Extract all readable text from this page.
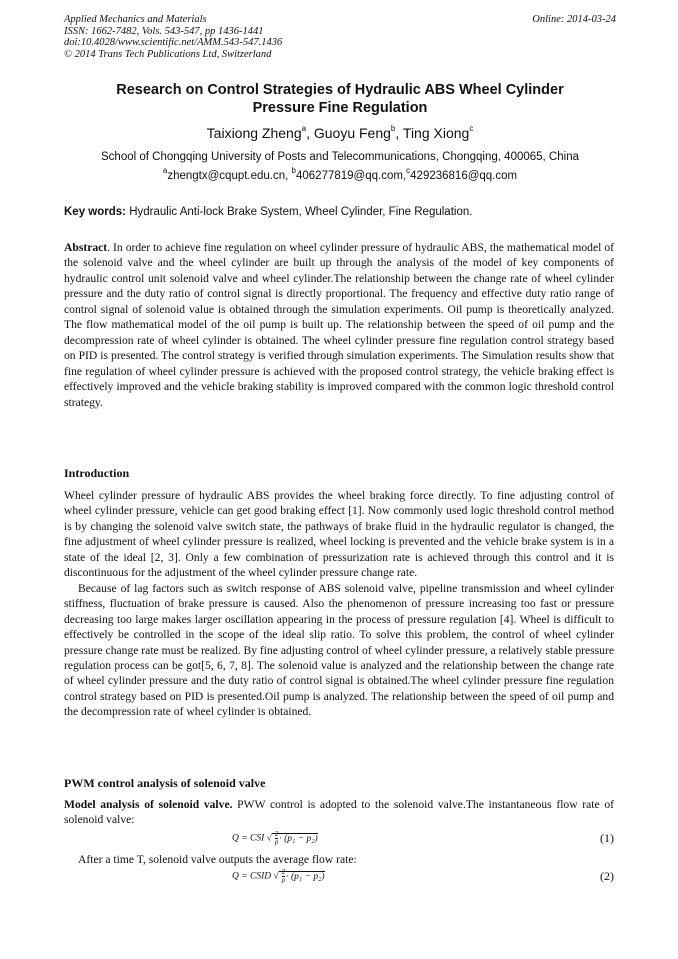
Applied Mechanics and Materials
ISSN: 1662-7482, Vols. 543-547, pp 1436-1441
doi:10.4028/www.scientific.net/AMM.543-547.1436
© 2014 Trans Tech Publications Ltd, Switzerland
Online: 2014-03-24
Research on Control Strategies of Hydraulic ABS Wheel Cylinder
Pressure Fine Regulation
Taixiong Zheng$^a$, Guoyu Feng$^b$, Ting Xiong$^c$
School of Chongqing University of Posts and Telecommunications, Chongqing, 400065, China
$^a$zhengtx@cqupt.edu.cn, $^b$406277819@qq.com,$^c$429236816@qq.com
Key words: Hydraulic Anti-lock Brake System, Wheel Cylinder, Fine Regulation.
Abstract. In order to achieve fine regulation on wheel cylinder pressure of hydraulic ABS, the mathematical model of the solenoid valve and the wheel cylinder are built up through the analysis of the model of key components of hydraulic control unit solenoid valve and wheel cylinder.The relationship between the change rate of wheel cylinder pressure and the duty ratio of control signal is directly proportional. The frequency and effective duty ratio range of control signal of solenoid value is obtained through the simulation experiments. Oil pump is theoretically analyzed. The flow mathematical model of the oil pump is built up. The relationship between the speed of oil pump and the decompression rate of wheel cylinder is obtained. The wheel cylinder pressure fine regulation control strategy based on PID is presented. The control strategy is verified through simulation experiments. The Simulation results show that fine regulation of wheel cylinder pressure is achieved with the proposed control strategy, the vehicle braking effect is effectively improved and the vehicle braking stability is improved compared with the common logic threshold control strategy.
Introduction
Wheel cylinder pressure of hydraulic ABS provides the wheel braking force directly. To fine adjusting control of wheel cylinder pressure, vehicle can get good braking effect [1]. Now commonly used logic threshold control method is by changing the solenoid valve switch state, the pathways of brake fluid in the hydraulic regulator is changed, the fine adjustment of wheel cylinder pressure is realized, wheel locking is prevented and the vehicle brake system is in a state of the ideal [2, 3]. Only a few combination of pressurization rate is achieved through this control and it is discontinuous for the adjustment of the wheel cylinder pressure change rate.
Because of lag factors such as switch response of ABS solenoid valve, pipeline transmission and wheel cylinder stiffness, fluctuation of brake pressure is caused. Also the phenomenon of pressure increasing too fast or pressure decreasing too large makes larger oscillation appearing in the process of pressure regulation [4]. Wheel is difficult to effectively be controlled in the scope of the ideal slip ratio. To solve this problem, the control of wheel cylinder pressure change rate must be realized. By fine adjusting control of wheel cylinder pressure, a relatively stable pressure regulation process can be got[5, 6, 7, 8]. The solenoid value is analyzed and the relationship between the change rate of wheel cylinder pressure and the duty ratio of control signal is obtained.The wheel cylinder pressure fine regulation control strategy based on PID is presented.Oil pump is analyzed. The relationship between the speed of oil pump and the decompression rate of wheel cylinder is obtained.
PWM control analysis of solenoid valve
Model analysis of solenoid valve. PWW control is adopted to the solenoid valve.The instantaneous flow rate of solenoid valve:
Q = CSI √ $\frac{2}{\rho} \cdot (p_1 - p_2)$	(1)
After a time T, solenoid valve outputs the average flow rate:
Q = CSID √ $\frac{2}{\rho} \cdot (p_1 - p_2)$	(2)
